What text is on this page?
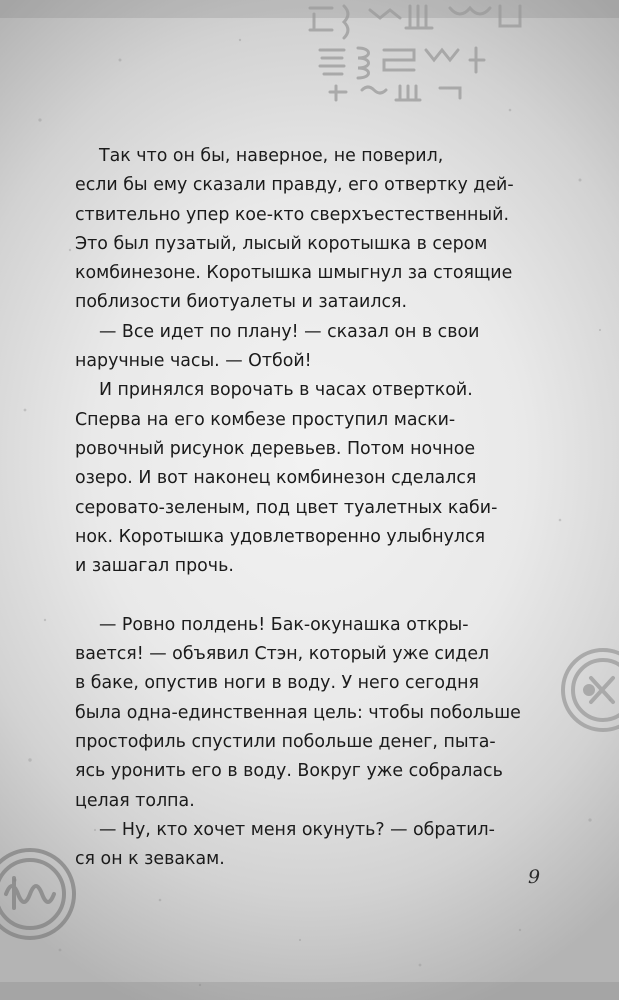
Так что он бы, наверное, не поверил,
если бы ему сказали правду, его отвертку дей-
ствительно упер кое-кто сверхъестественный.
Это был пузатый, лысый коротышка в сером
комбинезоне. Коротышка шмыгнул за стоящие
поблизости биотуалеты и затаился.
— Все идет по плану! — сказал он в свои
наручные часы. — Отбой!
И принялся ворочать в часах отверткой.
Сперва на его комбезе проступил маски-
ровочный рисунок деревьев. Потом ночное
озеро. И вот наконец комбинезон сделался
серовато-зеленым, под цвет туалетных каби-
нок. Коротышка удовлетворенно улыбнулся
и зашагал прочь.
— Ровно полдень! Бак-окунашка откры-
вается! — объявил Стэн, который уже сидел
в баке, опустив ноги в воду. У него сегодня
была одна-единственная цель: чтобы побольше
простофиль спустили побольше денег, пыта-
ясь уронить его в воду. Вокруг уже собралась
целая толпа.
— Ну, кто хочет меня окунуть? — обратил-
ся он к зевакам.
9
